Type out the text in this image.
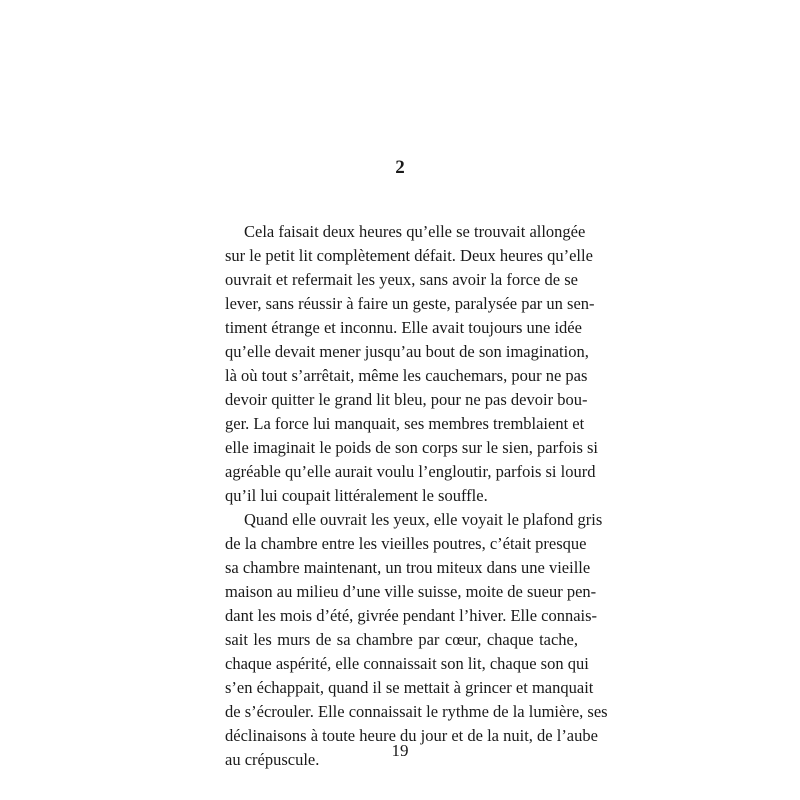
2
Cela faisait deux heures qu’elle se trouvait allongée
sur le petit lit complètement défait. Deux heures qu’elle
ouvrait et refermait les yeux, sans avoir la force de se
lever, sans réussir à faire un geste, paralysée par un sen-
timent étrange et inconnu. Elle avait toujours une idée
qu’elle devait mener jusqu’au bout de son imagination,
là où tout s’arrêtait, même les cauchemars, pour ne pas
devoir quitter le grand lit bleu, pour ne pas devoir bou-
ger. La force lui manquait, ses membres tremblaient et
elle imaginait le poids de son corps sur le sien, parfois si
agréable qu’elle aurait voulu l’engloutir, parfois si lourd
qu’il lui coupait littéralement le souffle.
Quand elle ouvrait les yeux, elle voyait le plafond gris
de la chambre entre les vieilles poutres, c’était presque
sa chambre maintenant, un trou miteux dans une vieille
maison au milieu d’une ville suisse, moite de sueur pen-
dant les mois d’été, givrée pendant l’hiver. Elle connais-
sait les murs de sa chambre par cœur, chaque tache,
chaque aspérité, elle connaissait son lit, chaque son qui
s’en échappait, quand il se mettait à grincer et manquait
de s’écrouler. Elle connaissait le rythme de la lumière, ses
déclinaisons à toute heure du jour et de la nuit, de l’aube
au crépuscule.	19
